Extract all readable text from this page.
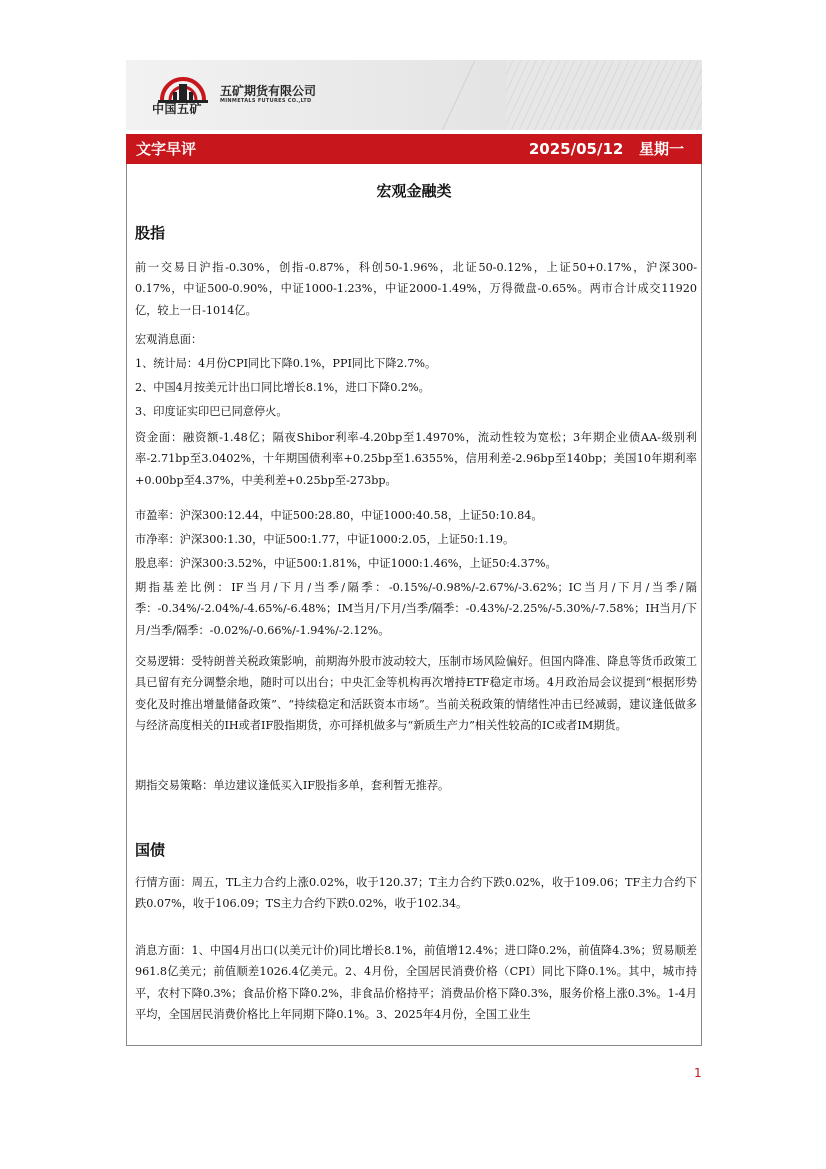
中国五矿
五矿期货有限公司
MINMETALS FUTURES CO.,LTD
文字早评	2025/05/12   星期一
宏观金融类
股指
前一交易日沪指-0.30%，创指-0.87%，科创50-1.96%，北证50-0.12%，上证50+0.17%，沪深300-0.17%，中证500-0.90%，中证1000-1.23%，中证2000-1.49%，万得微盘-0.65%。两市合计成交11920亿，较上一日-1014亿。
宏观消息面：
1、统计局：4月份CPI同比下降0.1%，PPI同比下降2.7%。
2、中国4月按美元计出口同比增长8.1%，进口下降0.2%。
3、印度证实印巴已同意停火。
资金面：融资额-1.48亿；隔夜Shibor利率-4.20bp至1.4970%，流动性较为宽松；3年期企业债AA-级别利率-2.71bp至3.0402%，十年期国债利率+0.25bp至1.6355%，信用利差-2.96bp至140bp；美国10年期利率+0.00bp至4.37%，中美利差+0.25bp至-273bp。
市盈率：沪深300:12.44，中证500:28.80，中证1000:40.58，上证50:10.84。
市净率：沪深300:1.30，中证500:1.77，中证1000:2.05，上证50:1.19。
股息率：沪深300:3.52%，中证500:1.81%，中证1000:1.46%，上证50:4.37%。
期指基差比例：IF当月/下月/当季/隔季：-0.15%/-0.98%/-2.67%/-3.62%；IC当月/下月/当季/隔季：-0.34%/-2.04%/-4.65%/-6.48%；IM当月/下月/当季/隔季：-0.43%/-2.25%/-5.30%/-7.58%；IH当月/下月/当季/隔季：-0.02%/-0.66%/-1.94%/-2.12%。
交易逻辑：受特朗普关税政策影响，前期海外股市波动较大，压制市场风险偏好。但国内降准、降息等货币政策工具已留有充分调整余地，随时可以出台；中央汇金等机构再次增持ETF稳定市场。4月政治局会议提到“根据形势变化及时推出增量储备政策”、“持续稳定和活跃资本市场”。当前关税政策的情绪性冲击已经减弱，建议逢低做多与经济高度相关的IH或者IF股指期货，亦可择机做多与“新质生产力”相关性较高的IC或者IM期货。
期指交易策略：单边建议逢低买入IF股指多单，套利暂无推荐。
国债
行情方面：周五，TL主力合约上涨0.02%，收于120.37；T主力合约下跌0.02%，收于109.06；TF主力合约下跌0.07%，收于106.09；TS主力合约下跌0.02%，收于102.34。
消息方面：1、中国4月出口(以美元计价)同比增长8.1%，前值增12.4%；进口降0.2%，前值降4.3%；贸易顺差961.8亿美元；前值顺差1026.4亿美元。2、4月份，全国居民消费价格（CPI）同比下降0.1%。其中，城市持平，农村下降0.3%；食品价格下降0.2%，非食品价格持平；消费品价格下降0.3%，服务价格上涨0.3%。1-4月平均，全国居民消费价格比上年同期下降0.1%。3、2025年4月份，全国工业生
1
